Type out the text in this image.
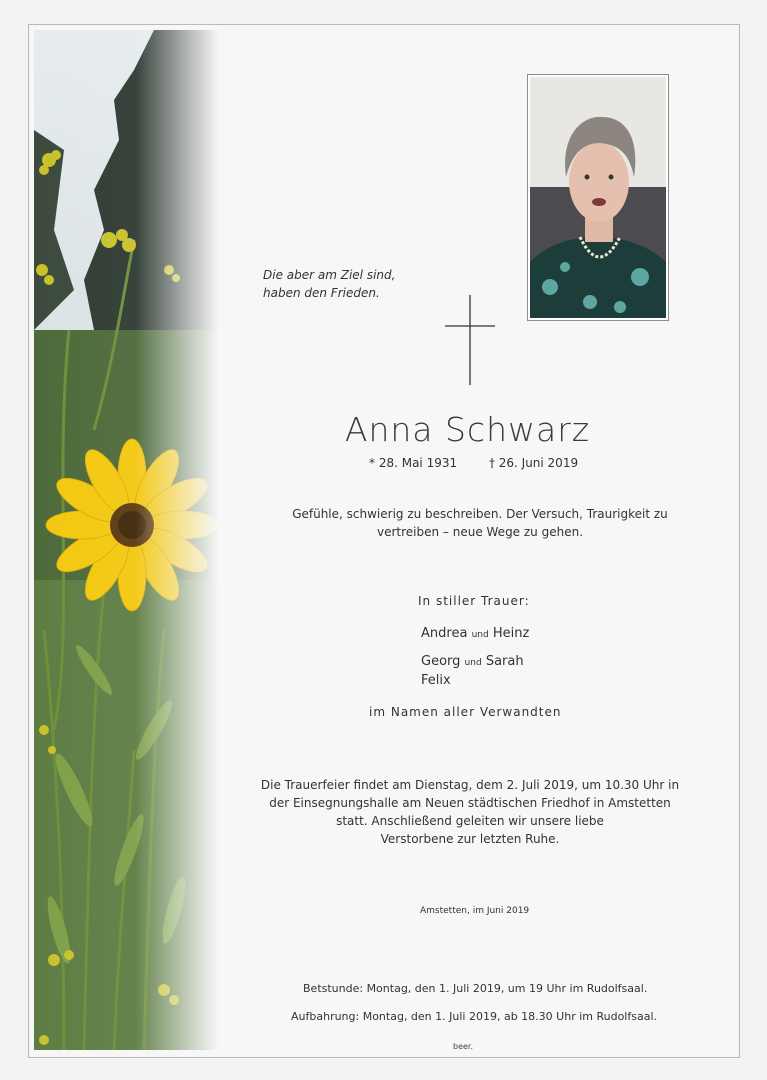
Die aber am Ziel sind,
haben den Frieden.
Anna Schwarz
* 28. Mai 1931	† 26. Juni 2019
Gefühle, schwierig zu beschreiben. Der Versuch, Traurigkeit zu
vertreiben – neue Wege zu gehen.
In stiller Trauer:
Andrea und Heinz
Georg und Sarah
Felix
im Namen aller Verwandten
Die Trauerfeier findet am Dienstag, dem 2. Juli 2019, um 10.30 Uhr in
der Einsegnungshalle am Neuen städtischen Friedhof in Amstetten
statt. Anschließend geleiten wir unsere liebe
Verstorbene zur letzten Ruhe.
Amstetten, im Juni 2019
Betstunde: Montag, den 1. Juli 2019, um 19 Uhr im Rudolfsaal.
Aufbahrung: Montag, den 1. Juli 2019, ab 18.30 Uhr im Rudolfsaal.
beer.
